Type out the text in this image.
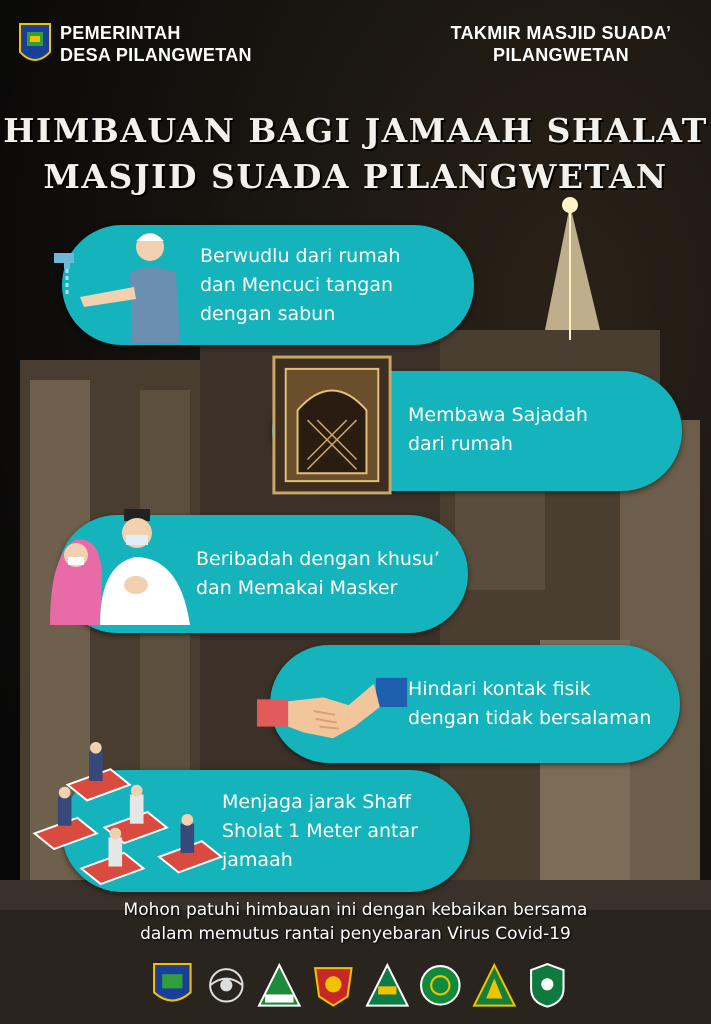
PEMERINTAH
DESA PILANGWETAN
TAKMIR MASJID SUADA’
PILANGWETAN
HIMBAUAN BAGI JAMAAH SHALAT
MASJID SUADA PILANGWETAN
Berwudlu dari rumah
dan Mencuci tangan
dengan sabun
Membawa Sajadah
dari rumah
Beribadah dengan khusu’
dan Memakai Masker
Hindari kontak fisik
dengan tidak bersalaman
Menjaga jarak Shaff
Sholat 1 Meter antar
jamaah
Mohon patuhi himbauan ini dengan kebaikan bersama
dalam memutus rantai penyebaran Virus Covid-19
